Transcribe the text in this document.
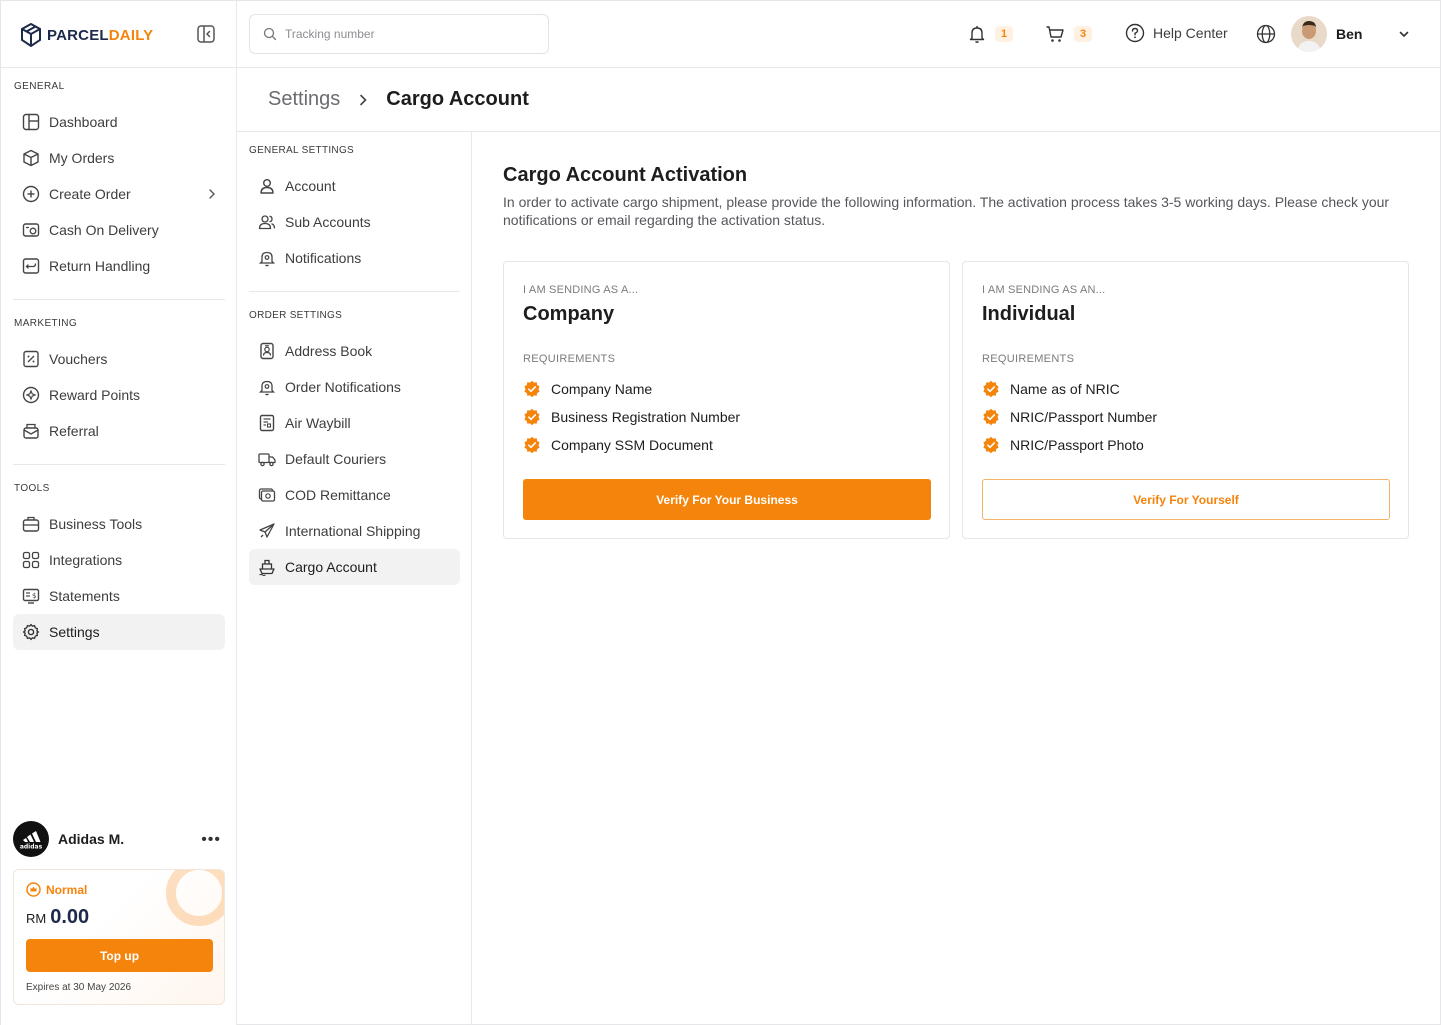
PARCELDAILY
GENERAL
Dashboard
My Orders
Create Order
Cash On Delivery
Return Handling
MARKETING
Vouchers
Reward Points
Referral
TOOLS
Business Tools
Integrations
$ Statements
Settings
adidas Adidas M.	•••
Normal
RM 0.00
Top up
Expires at 30 May 2026
Tracking number
1	3	Help Center	Ben
Settings Cargo Account
GENERAL SETTINGS
Account
Sub Accounts
Notifications
ORDER SETTINGS
Address Book
Order Notifications
Air Waybill
Default Couriers
COD Remittance
International Shipping
Cargo Account
Cargo Account Activation

In order to activate cargo shipment, please provide the following information. The activation process takes 3-5 working days. Please check your notifications or email regarding the activation status.

I AM SENDING AS A...
Company
REQUIREMENTS
Company Name
Business Registration Number
Company SSM Document
Verify For Your Business
I AM SENDING AS AN...
Individual
REQUIREMENTS
Name as of NRIC
NRIC/Passport Number
NRIC/Passport Photo
Verify For Yourself
